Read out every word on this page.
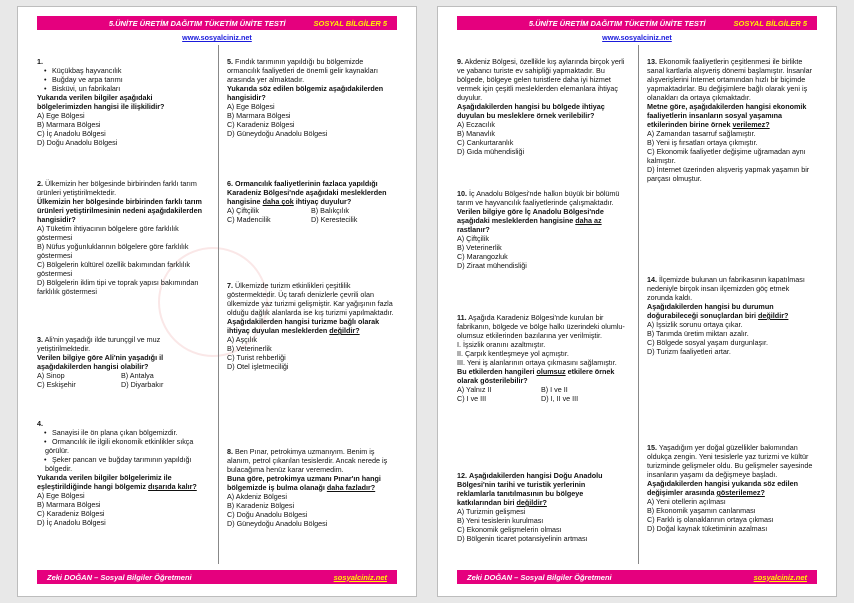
5.ÜNİTE ÜRETİM DAĞITIM TÜKETİM ÜNİTE TESTİ	SOSYAL BİLGİLER 5
www.sosyalciniz.net
1.
• Küçükbaş hayvancılık
• Buğday ve arpa tarımı
• Bisküvi, un fabrikaları
Yukarıda verilen bilgiler aşağıdaki bölgelerimizden hangisi ile ilişkilidir?
A) Ege Bölgesi
B) Marmara Bölgesi
C) İç Anadolu Bölgesi
D) Doğu Anadolu Bölgesi
2. Ülkemizin her bölgesinde birbirinden farklı tarım ürünleri yetiştirilmektedir.
Ülkemizin her bölgesinde birbirinden farklı tarım ürünleri yetiştirilmesinin nedeni aşağıdakilerden hangisidir?
A) Tüketim ihtiyacının bölgelere göre farklılık göstermesi
B) Nüfus yoğunluklarının bölgelere göre farklılık göstermesi
C) Bölgelerin kültürel özellik bakımından farklılık göstermesi
D) Bölgelerin iklim tipi ve toprak yapısı bakımından farklılık göstermesi
3. Ali'nin yaşadığı ilde turunçgil ve muz yetiştirilmektedir.
Verilen bilgiye göre Ali'nin yaşadığı il aşağıdakilerden hangisi olabilir?
A) Sinop	B) Antalya
C) Eskişehir	D) Diyarbakır
4.
• Sanayisi ile ön plana çıkan bölgemizdir.
• Ormancılık ile ilgili ekonomik etkinlikler sıkça görülür.
• Şeker pancarı ve buğday tarımının yapıldığı bölgedir.
Yukarıda verilen bilgiler bölgelerimiz ile eşleştirildiğinde hangi bölgemiz dışarıda kalır?
A) Ege Bölgesi
B) Marmara Bölgesi
C) Karadeniz Bölgesi
D) İç Anadolu Bölgesi
5. Fındık tarımının yapıldığı bu bölgemizde ormancılık faaliyetleri de önemli gelir kaynakları arasında yer almaktadır.
Yukarıda söz edilen bölgemiz aşağıdakilerden hangisidir?
A) Ege Bölgesi
B) Marmara Bölgesi
C) Karadeniz Bölgesi
D) Güneydoğu Anadolu Bölgesi
6. Ormancılık faaliyetlerinin fazlaca yapıldığı Karadeniz Bölgesi'nde aşağıdaki mesleklerden hangisine daha çok ihtiyaç duyulur?
A) Çiftçilik	B) Balıkçılık
C) Madencilik	D) Kerestecilik
7. Ülkemizde turizm etkinlikleri çeşitlilik göstermektedir. Üç tarafı denizlerle çevrili olan ülkemizde yaz turizmi gelişmiştir. Kar yağışının fazla olduğu dağlık alanlarda ise kış turizmi yapılmaktadır.
Aşağıdakilerden hangisi turizme bağlı olarak ihtiyaç duyulan mesleklerden değildir?
A) Aşçılık
B) Veterinerlik
C) Turist rehberliği
D) Otel işletmeciliği
8. Ben Pınar, petrokimya uzmanıyım. Benim iş alanım, petrol çıkarılan tesislerdir. Ancak nerede iş bulacağıma henüz karar veremedim.
Buna göre, petrokimya uzmanı Pınar'ın hangi bölgemizde iş bulma olanağı daha fazladır?
A) Akdeniz Bölgesi
B) Karadeniz Bölgesi
C) Doğu Anadolu Bölgesi
D) Güneydoğu Anadolu Bölgesi
Zeki DOĞAN – Sosyal Bilgiler Öğretmeni	sosyalciniz.net
5.ÜNİTE ÜRETİM DAĞITIM TÜKETİM ÜNİTE TESTİ	SOSYAL BİLGİLER 5
www.sosyalciniz.net
9. Akdeniz Bölgesi, özellikle kış aylarında birçok yerli ve yabancı turiste ev sahipliği yapmaktadır. Bu bölgede, bölgeye gelen turistlere daha iyi hizmet vermek için çeşitli mesleklerden elemanlara ihtiyaç duyulur.
Aşağıdakilerden hangisi bu bölgede ihtiyaç duyulan bu mesleklere örnek verilebilir?
A) Eczacılık
B) Manavlık
C) Cankurtaranlık
D) Gıda mühendisliği
10. İç Anadolu Bölgesi'nde halkın büyük bir bölümü tarım ve hayvancılık faaliyetlerinde çalışmaktadır.
Verilen bilgiye göre İç Anadolu Bölgesi'nde aşağıdaki mesleklerden hangisine daha az rastlanır?
A) Çiftçilik
B) Veterinerlik
C) Marangozluk
D) Ziraat mühendisliği
11. Aşağıda Karadeniz Bölgesi'nde kurulan bir fabrikanın, bölgede ve bölge halkı üzerindeki olumlu-olumsuz etkilerinden bazılarına yer verilmiştir.
I. İşsizlik oranını azaltmıştır.
II. Çarpık kentleşmeye yol açmıştır.
III. Yeni iş alanlarının ortaya çıkmasını sağlamıştır.
Bu etkilerden hangileri olumsuz etkilere örnek olarak gösterilebilir?
A) Yalnız II	B) I ve II
C) I ve III	D) I, II ve III
12. Aşağıdakilerden hangisi Doğu Anadolu Bölgesi'nin tarihi ve turistik yerlerinin reklamlarla tanıtılmasının bu bölgeye katkılarından biri değildir?
A) Turizmin gelişmesi
B) Yeni tesislerin kurulması
C) Ekonomik gelişmelerin olması
D) Bölgenin ticaret potansiyelinin artması
13. Ekonomik faaliyetlerin çeşitlenmesi ile birlikte sanal kartlarla alışveriş dönemi başlamıştır. İnsanlar alışverişlerini İnternet ortamından hızlı bir biçimde yapmaktadırlar. Bu değişimlere bağlı olarak yeni iş olanakları da ortaya çıkmaktadır.
Metne göre, aşağıdakilerden hangisi ekonomik faaliyetlerin insanların sosyal yaşamına etkilerinden birine örnek verilemez?
A) Zamandan tasarruf sağlamıştır.
B) Yeni iş fırsatları ortaya çıkmıştır.
C) Ekonomik faaliyetler değişime uğramadan aynı kalmıştır.
D) İnternet üzerinden alışveriş yapmak yaşamın bir parçası olmuştur.
14. İlçemizde bulunan un fabrikasının kapatılması nedeniyle birçok insan ilçemizden göç etmek zorunda kaldı.
Aşağıdakilerden hangisi bu durumun doğurabileceği sonuçlardan biri değildir?
A) İşsizlik sorunu ortaya çıkar.
B) Tarımda üretim miktarı azalır.
C) Bölgede sosyal yaşam durgunlaşır.
D) Turizm faaliyetleri artar.
15. Yaşadığım yer doğal güzellikler bakımından oldukça zengin. Yeni tesislerle yaz turizmi ve kültür turizminde gelişmeler oldu. Bu gelişmeler sayesinde insanların yaşamı da değişmeye başladı.
Aşağıdakilerden hangisi yukarıda söz edilen değişimler arasında gösterilemez?
A) Yeni otellerin açılması
B) Ekonomik yaşamın canlanması
C) Farklı iş olanaklarının ortaya çıkması
D) Doğal kaynak tüketiminin azalması
Zeki DOĞAN – Sosyal Bilgiler Öğretmeni	sosyalciniz.net
